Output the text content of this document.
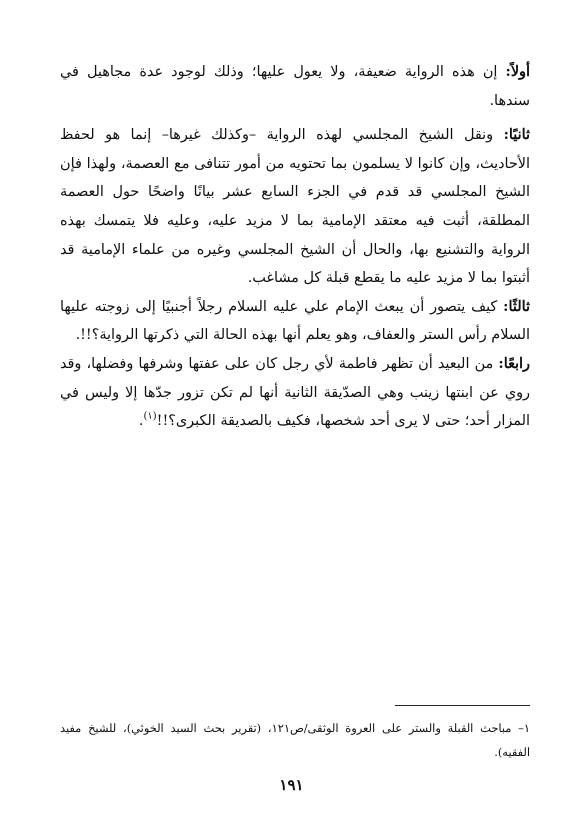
أولاً: إن هذه الرواية ضعيفة، ولا يعول عليها؛ وذلك لوجود عدة مجاهيل في سندها.

ثانيًا: ونقل الشيخ المجلسي لهذه الرواية –وكذلك غيرها– إنما هو لحفظ الأحاديث، وإن كانوا لا يسلمون بما تحتويه من أمور تتنافى مع العصمة، ولهذا فإن الشيخ المجلسي قد قدم في الجزء السابع عشر بيانًا واضحًا حول العصمة المطلقة، أثبت فيه معتقد الإمامية بما لا مزيد عليه، وعليه فلا يتمسك بهذه الرواية والتشنيع بها، والحال أن الشيخ المجلسي وغيره من علماء الإمامية قد أثبتوا بما لا مزيد عليه ما يقطع قبلة كل مشاغب.

ثالثًا: كيف يتصور أن يبعث الإمام علي عليه السلام رجلاً أجنبيًا إلى زوجته عليها السلام رأس الستر والعفاف، وهو يعلم أنها بهذه الحالة التي ذكرتها الرواية؟!!.

رابعًا: من البعيد أن تظهر فاطمة لأي رجل كان على عفتها وشرفها وفضلها، وقد روي عن ابنتها زينب وهي الصدّيقة الثانية أنها لم تكن تزور جدّها إلا وليس في المزار أحد؛ حتى لا يرى أحد شخصها، فكيف بالصديقة الكبرى؟!!$^{(١)}$.

١– مباحث القبلة والستر على العروة الوثقى/ص١٢١، (تقرير بحث السيد الخوئي)، للشيخ مفيد الفقيه).
١٩١
